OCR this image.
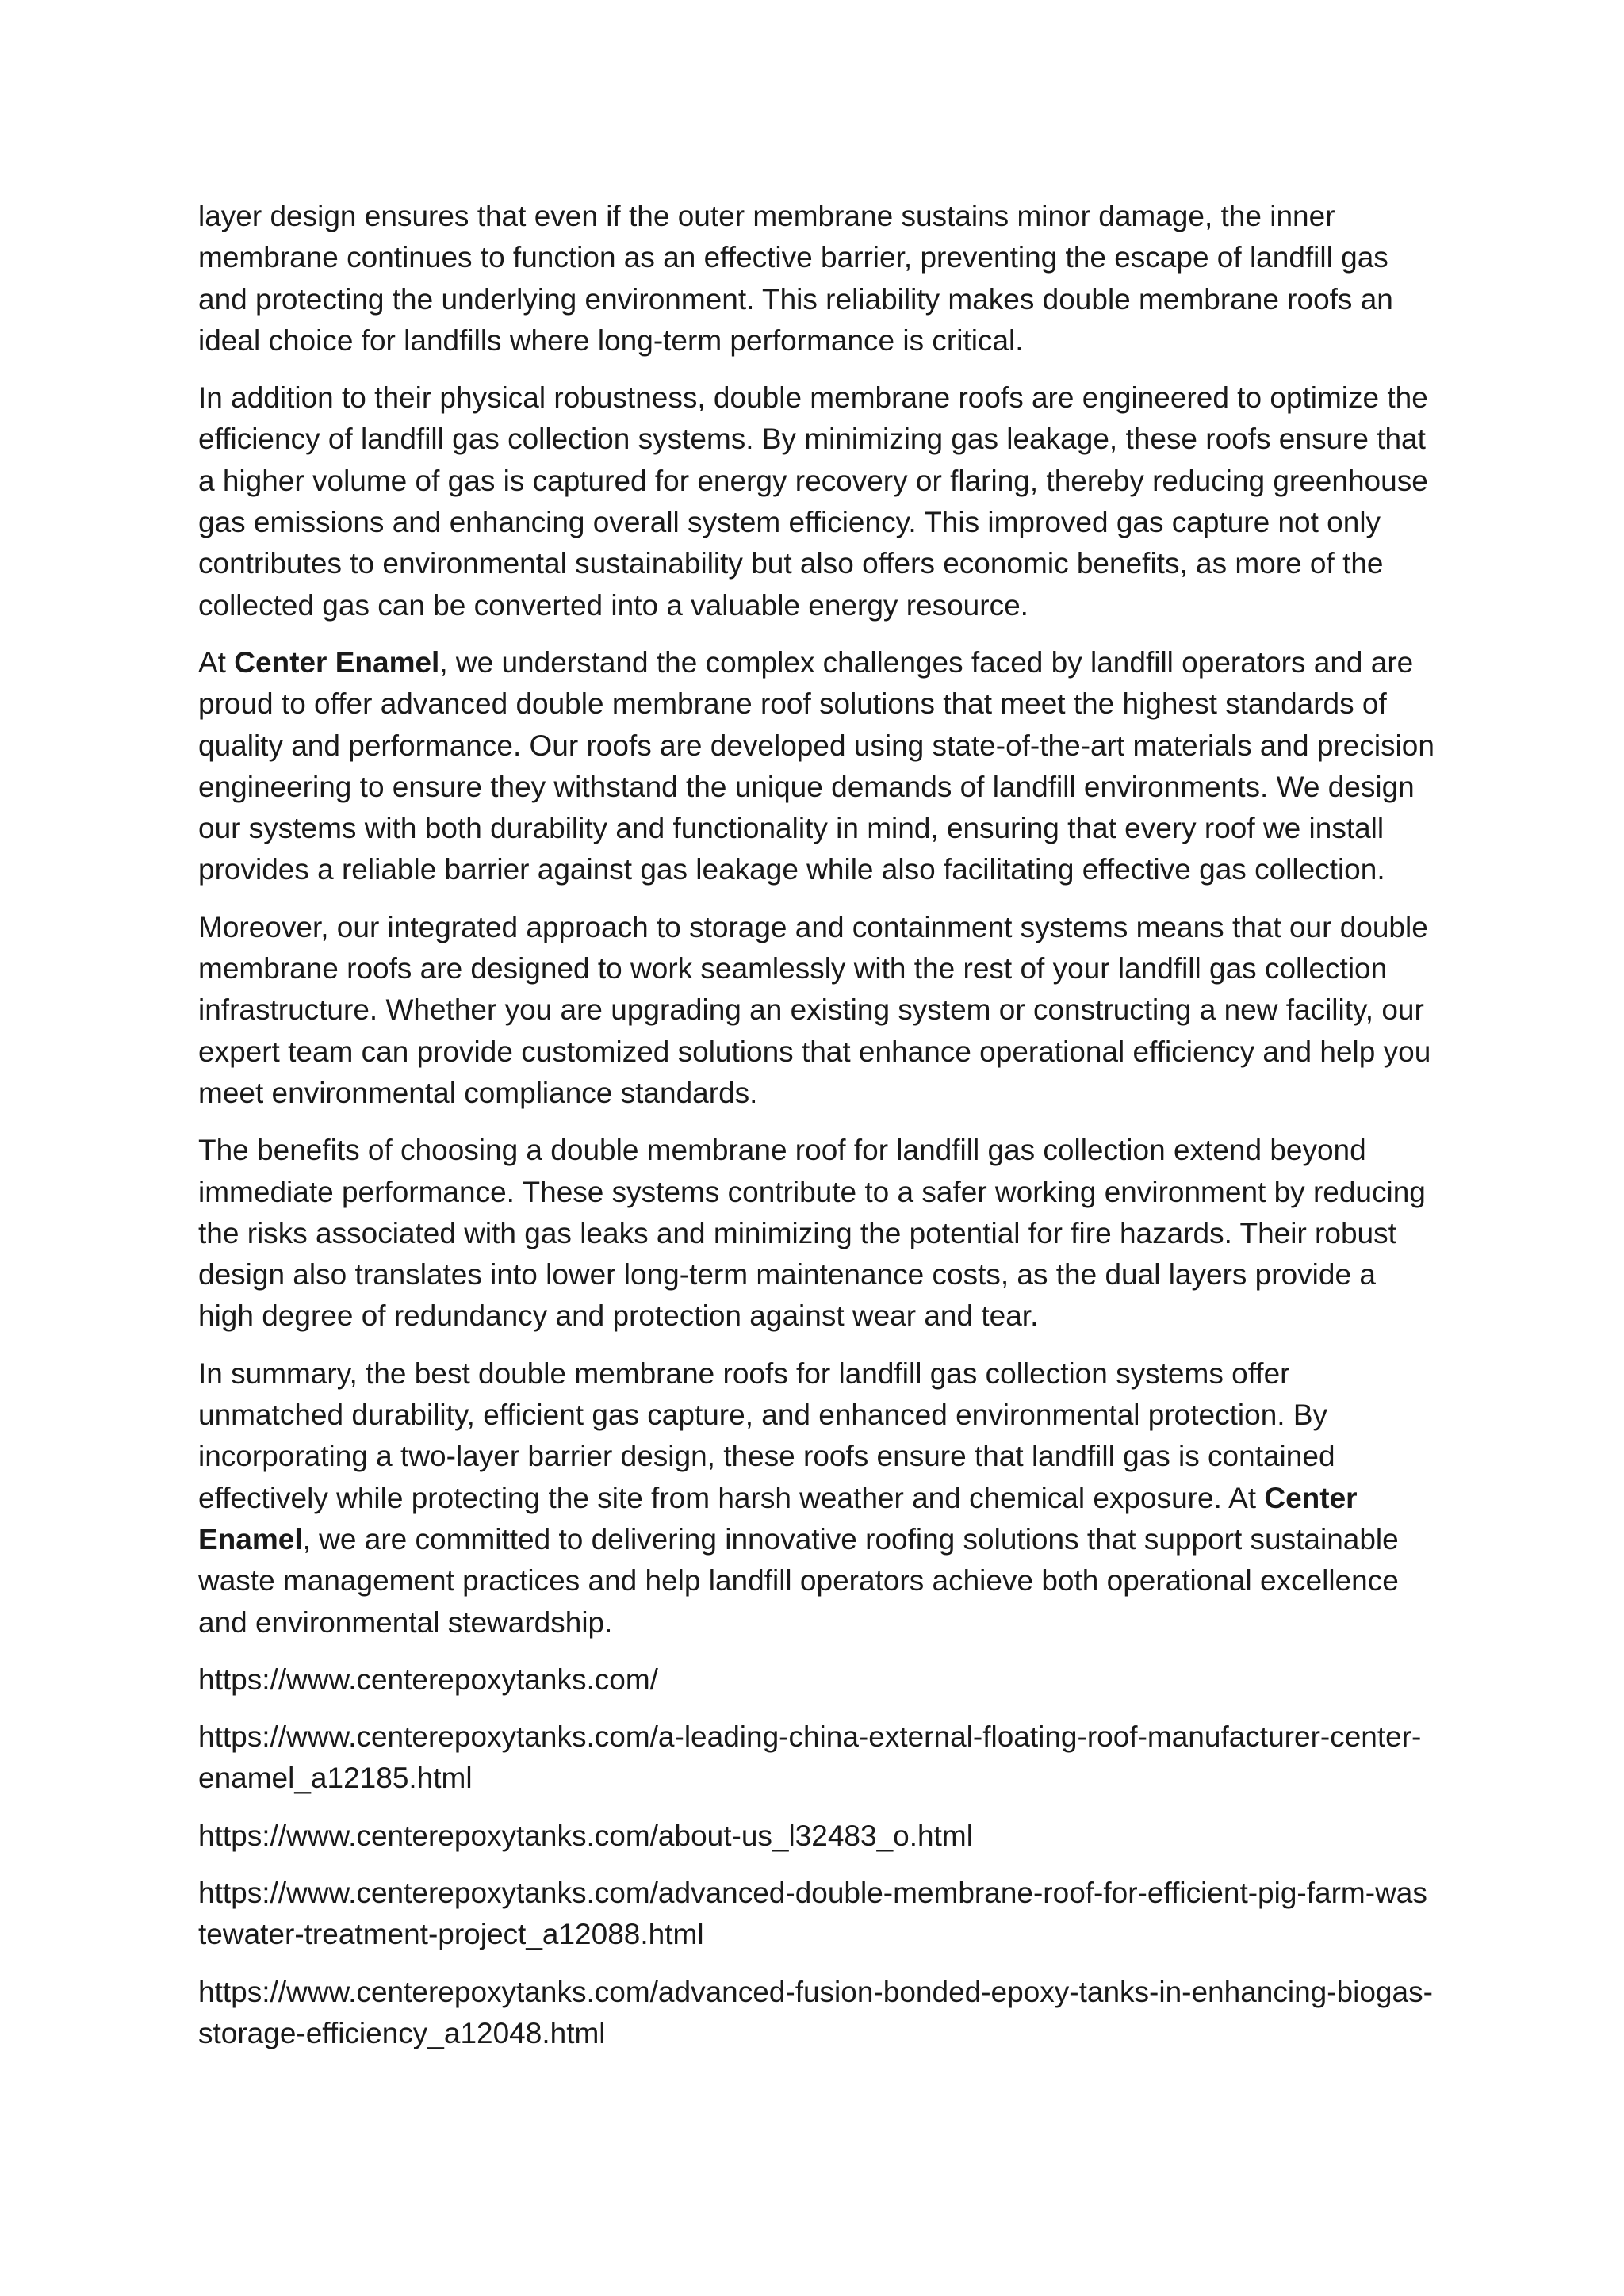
layer design ensures that even if the outer membrane sustains minor damage, the inner membrane continues to function as an effective barrier, preventing the escape of landfill gas and protecting the underlying environment. This reliability makes double membrane roofs an ideal choice for landfills where long-term performance is critical.

In addition to their physical robustness, double membrane roofs are engineered to optimize the efficiency of landfill gas collection systems. By minimizing gas leakage, these roofs ensure that a higher volume of gas is captured for energy recovery or flaring, thereby reducing greenhouse gas emissions and enhancing overall system efficiency. This improved gas capture not only contributes to environmental sustainability but also offers economic benefits, as more of the collected gas can be converted into a valuable energy resource.

At Center Enamel, we understand the complex challenges faced by landfill operators and are proud to offer advanced double membrane roof solutions that meet the highest standards of quality and performance. Our roofs are developed using state-of-the-art materials and precision engineering to ensure they withstand the unique demands of landfill environments. We design our systems with both durability and functionality in mind, ensuring that every roof we install provides a reliable barrier against gas leakage while also facilitating effective gas collection.

Moreover, our integrated approach to storage and containment systems means that our double membrane roofs are designed to work seamlessly with the rest of your landfill gas collection infrastructure. Whether you are upgrading an existing system or constructing a new facility, our expert team can provide customized solutions that enhance operational efficiency and help you meet environmental compliance standards.

The benefits of choosing a double membrane roof for landfill gas collection extend beyond immediate performance. These systems contribute to a safer working environment by reducing the risks associated with gas leaks and minimizing the potential for fire hazards. Their robust design also translates into lower long-term maintenance costs, as the dual layers provide a high degree of redundancy and protection against wear and tear.

In summary, the best double membrane roofs for landfill gas collection systems offer unmatched durability, efficient gas capture, and enhanced environmental protection. By incorporating a two-layer barrier design, these roofs ensure that landfill gas is contained effectively while protecting the site from harsh weather and chemical exposure. At Center Enamel, we are committed to delivering innovative roofing solutions that support sustainable waste management practices and help landfill operators achieve both operational excellence and environmental stewardship.

https://www.centerepoxytanks.com/

https://www.centerepoxytanks.com/a-leading-china-external-floating-roof-manufacturer-center-enamel_a12185.html

https://www.centerepoxytanks.com/about-us_l32483_o.html

https://www.centerepoxytanks.com/advanced-double-membrane-roof-for-efficient-pig-farm-wastewater-treatment-project_a12088.html

https://www.centerepoxytanks.com/advanced-fusion-bonded-epoxy-tanks-in-enhancing-biogas-storage-efficiency_a12048.html
